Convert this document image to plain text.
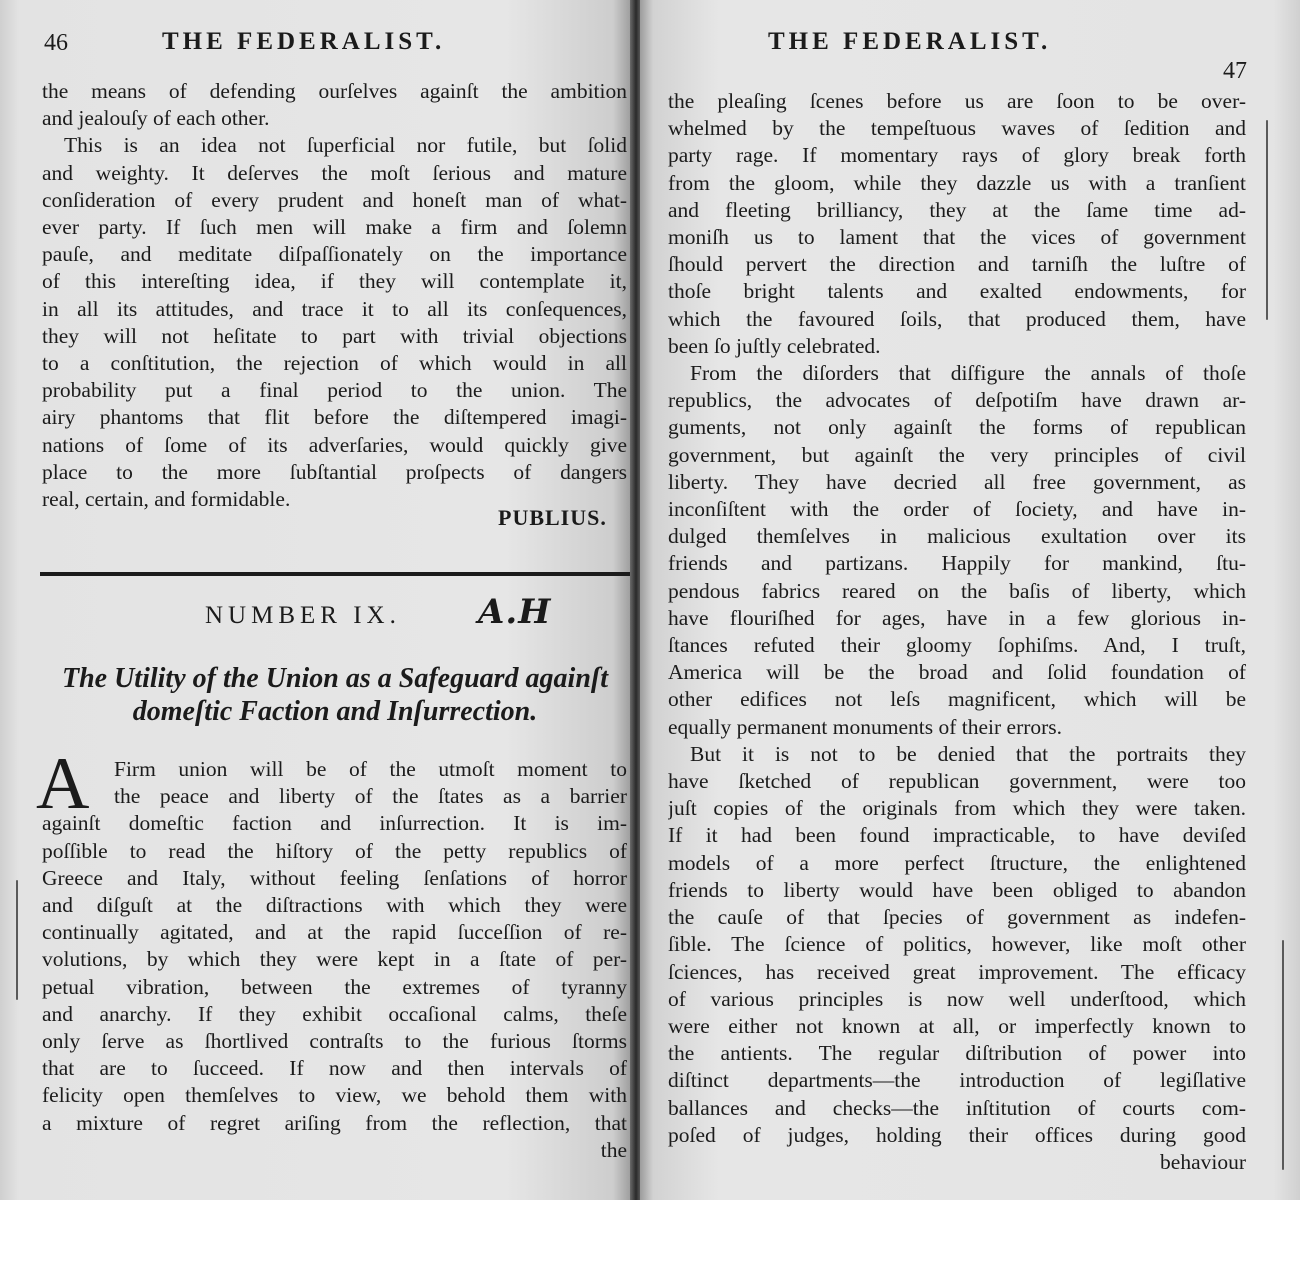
46	THE FEDERALIST.
the means of defending ourſelves againſt the ambition
and jealouſy of each other.
This is an idea not ſuperficial nor futile, but ſolid
and weighty. It deſerves the moſt ſerious and mature
conſideration of every prudent and honeſt man of what-
ever party. If ſuch men will make a firm and ſolemn
pauſe, and meditate diſpaſſionately on the importance
of this intereſting idea, if they will contemplate it,
in all its attitudes, and trace it to all its conſequences,
they will not heſitate to part with trivial objections
to a conſtitution, the rejection of which would in all
probability put a final period to the union. The
airy phantoms that flit before the diſtempered imagi-
nations of ſome of its adverſaries, would quickly give
place to the more ſubſtantial proſpects of dangers
real, certain, and formidable.
PUBLIUS.
NUMBER IX. A.H
The Utility of the Union as a Safeguard againſt
domeſtic Faction and Inſurrection.
A	Firm union will be of the utmoſt moment to
the peace and liberty of the ſtates as a barrier
againſt domeſtic faction and inſurrection. It is im-
poſſible to read the hiſtory of the petty republics of
Greece and Italy, without feeling ſenſations of horror
and diſguſt at the diſtractions with which they were
continually agitated, and at the rapid ſucceſſion of re-
volutions, by which they were kept in a ſtate of per-
petual vibration, between the extremes of tyranny
and anarchy. If they exhibit occaſional calms, theſe
only ſerve as ſhortlived contraſts to the furious ſtorms
that are to ſucceed. If now and then intervals of
felicity open themſelves to view, we behold them with
a mixture of regret ariſing from the reflection, that
the
THE FEDERALIST.
47
the pleaſing ſcenes before us are ſoon to be over-
whelmed by the tempeſtuous waves of ſedition and
party rage. If momentary rays of glory break forth
from the gloom, while they dazzle us with a tranſient
and fleeting brilliancy, they at the ſame time ad-
moniſh us to lament that the vices of government
ſhould pervert the direction and tarniſh the luſtre of
thoſe bright talents and exalted endowments, for
which the favoured ſoils, that produced them, have
been ſo juſtly celebrated.
From the diſorders that diſfigure the annals of thoſe
republics, the advocates of deſpotiſm have drawn ar-
guments, not only againſt the forms of republican
government, but againſt the very principles of civil
liberty. They have decried all free government, as
inconſiſtent with the order of ſociety, and have in-
dulged themſelves in malicious exultation over its
friends and partizans. Happily for mankind, ſtu-
pendous fabrics reared on the baſis of liberty, which
have flouriſhed for ages, have in a few glorious in-
ſtances refuted their gloomy ſophiſms. And, I truſt,
America will be the broad and ſolid foundation of
other edifices not leſs magnificent, which will be
equally permanent monuments of their errors.
But it is not to be denied that the portraits they
have ſketched of republican government, were too
juſt copies of the originals from which they were taken.
If it had been found impracticable, to have deviſed
models of a more perfect ſtructure, the enlightened
friends to liberty would have been obliged to abandon
the cauſe of that ſpecies of government as indefen-
ſible. The ſcience of politics, however, like moſt other
ſciences, has received great improvement. The efficacy
of various principles is now well underſtood, which
were either not known at all, or imperfectly known to
the antients. The regular diſtribution of power into
diſtinct departments—the introduction of legiſlative
ballances and checks—the inſtitution of courts com-
poſed of judges, holding their offices during good
behaviour
